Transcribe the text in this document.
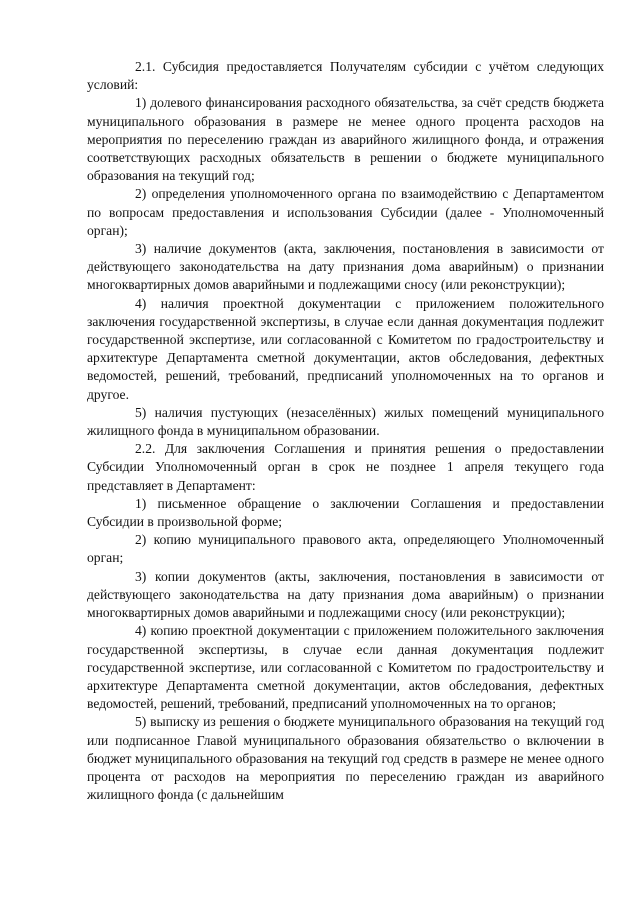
2.1. Субсидия предоставляется Получателям субсидии с учётом следующих условий:

1) долевого финансирования расходного обязательства, за счёт средств бюджета муниципального образования в размере не менее одного процента расходов на мероприятия по переселению граждан из аварийного жилищного фонда, и отражения соответствующих расходных обязательств в решении о бюджете муниципального образования на текущий год;

2) определения уполномоченного органа по взаимодействию с Департаментом по вопросам предоставления и использования Субсидии (далее - Уполномоченный орган);

3) наличие документов (акта, заключения, постановления в зависимости от действующего законодательства на дату признания дома аварийным) о признании многоквартирных домов аварийными и подлежащими сносу (или реконструкции);

4) наличия проектной документации с приложением положительного заключения государственной экспертизы, в случае если данная документация подлежит государственной экспертизе, или согласованной с Комитетом по градостроительству и архитектуре Департамента сметной документации, актов обследования, дефектных ведомостей, решений, требований, предписаний уполномоченных на то органов и другое.

5) наличия пустующих (незаселённых) жилых помещений муниципального жилищного фонда в муниципальном образовании.

2.2. Для заключения Соглашения и принятия решения о предоставлении Субсидии Уполномоченный орган в срок не позднее 1 апреля текущего года представляет в Департамент:

1) письменное обращение о заключении Соглашения и предоставлении Субсидии в произвольной форме;

2) копию муниципального правового акта, определяющего Уполномоченный орган;

3) копии документов (акты, заключения, постановления в зависимости от действующего законодательства на дату признания дома аварийным) о признании многоквартирных домов аварийными и подлежащими сносу (или реконструкции);

4) копию проектной документации с приложением положительного заключения государственной экспертизы, в случае если данная документация подлежит государственной экспертизе, или согласованной с Комитетом по градостроительству и архитектуре Департамента сметной документации, актов обследования, дефектных ведомостей, решений, требований, предписаний уполномоченных на то органов;

5) выписку из решения о бюджете муниципального образования на текущий год или подписанное Главой муниципального образования обязательство о включении в бюджет муниципального образования на текущий год средств в размере не менее одного процента от расходов на мероприятия по переселению граждан из аварийного жилищного фонда (с дальнейшим
